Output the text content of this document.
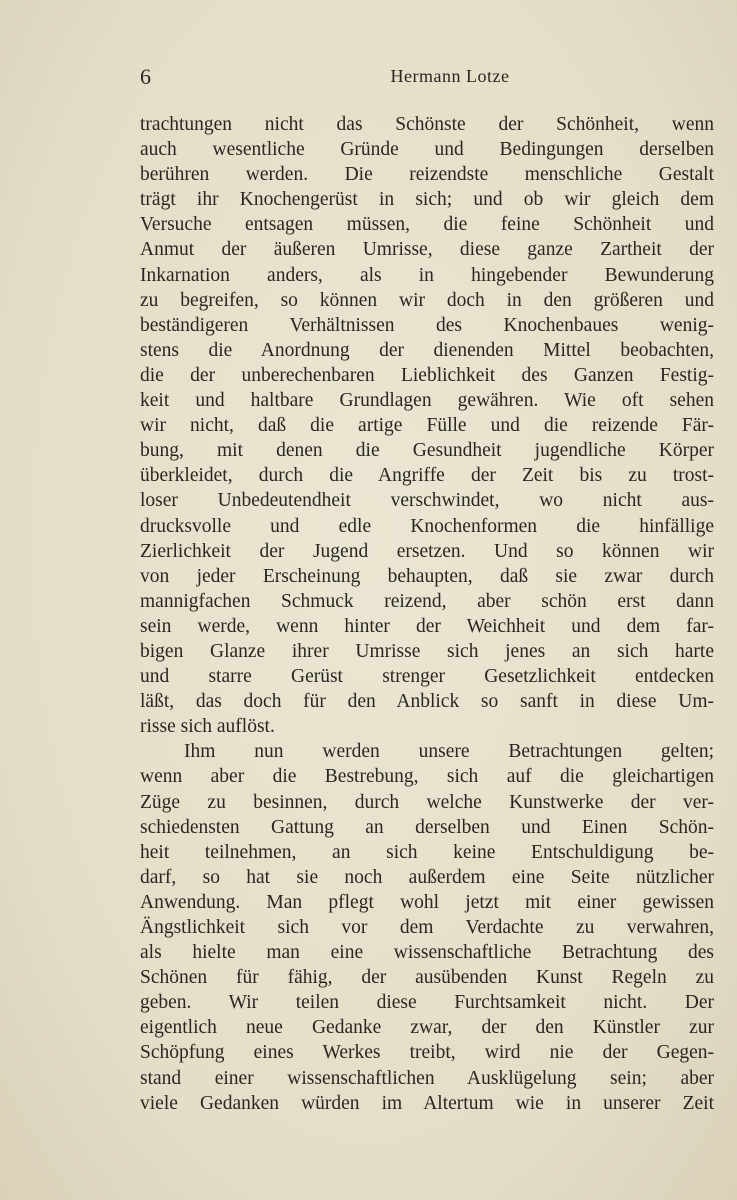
6	Hermann Lotze
trachtungen nicht das Schönste der Schönheit, wenn
auch wesentliche Gründe und Bedingungen derselben
berühren werden. Die reizendste menschliche Gestalt
trägt ihr Knochengerüst in sich; und ob wir gleich dem
Versuche entsagen müssen, die feine Schönheit und
Anmut der äußeren Umrisse, diese ganze Zartheit der
Inkarnation anders, als in hingebender Bewunderung
zu begreifen, so können wir doch in den größeren und
beständigeren Verhältnissen des Knochenbaues wenig-
stens die Anordnung der dienenden Mittel beobachten,
die der unberechenbaren Lieblichkeit des Ganzen Festig-
keit und haltbare Grundlagen gewähren. Wie oft sehen
wir nicht, daß die artige Fülle und die reizende Fär-
bung, mit denen die Gesundheit jugendliche Körper
überkleidet, durch die Angriffe der Zeit bis zu trost-
loser Unbedeutendheit verschwindet, wo nicht aus-
drucksvolle und edle Knochenformen die hinfällige
Zierlichkeit der Jugend ersetzen. Und so können wir
von jeder Erscheinung behaupten, daß sie zwar durch
mannigfachen Schmuck reizend, aber schön erst dann
sein werde, wenn hinter der Weichheit und dem far-
bigen Glanze ihrer Umrisse sich jenes an sich harte
und starre Gerüst strenger Gesetzlichkeit entdecken
läßt, das doch für den Anblick so sanft in diese Um-
risse sich auflöst.
Ihm nun werden unsere Betrachtungen gelten;
wenn aber die Bestrebung, sich auf die gleichartigen
Züge zu besinnen, durch welche Kunstwerke der ver-
schiedensten Gattung an derselben und Einen Schön-
heit teilnehmen, an sich keine Entschuldigung be-
darf, so hat sie noch außerdem eine Seite nützlicher
Anwendung. Man pflegt wohl jetzt mit einer gewissen
Ängstlichkeit sich vor dem Verdachte zu verwahren,
als hielte man eine wissenschaftliche Betrachtung des
Schönen für fähig, der ausübenden Kunst Regeln zu
geben. Wir teilen diese Furchtsamkeit nicht. Der
eigentlich neue Gedanke zwar, der den Künstler zur
Schöpfung eines Werkes treibt, wird nie der Gegen-
stand einer wissenschaftlichen Ausklügelung sein; aber
viele Gedanken würden im Altertum wie in unserer Zeit
